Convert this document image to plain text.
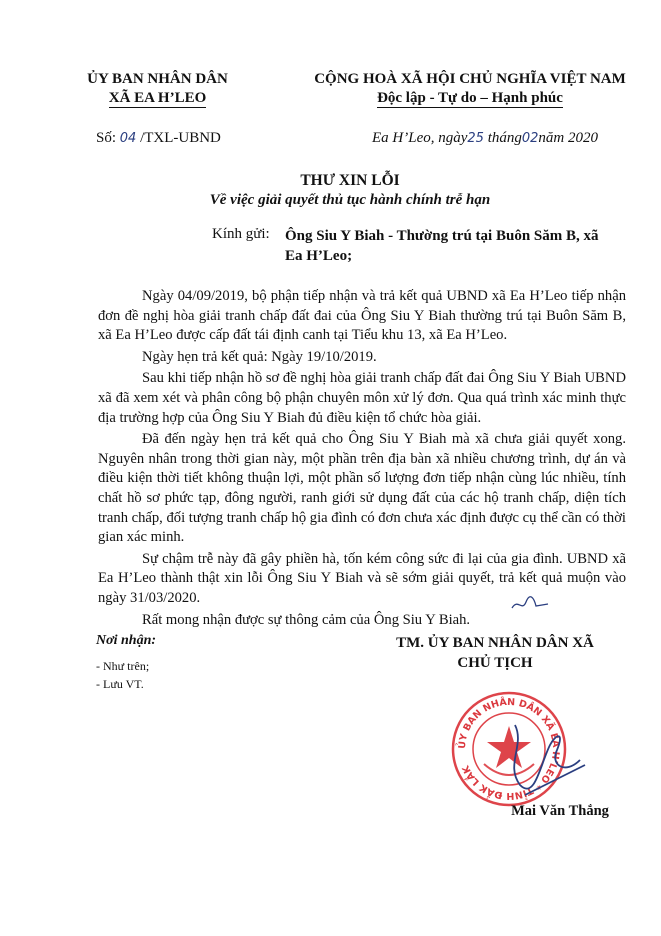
ỦY BAN NHÂN DÂN
XÃ EA H’LEO
CỘNG HOÀ XÃ HỘI CHỦ NGHĨA VIỆT NAM
Độc lập - Tự do – Hạnh phúc
Số: 04 /TXL-UBND	Ea H’Leo, ngày25 tháng02năm 2020
THƯ XIN LỖI
Về việc giải quyết thủ tục hành chính trễ hạn
Kính gửi: Ông Siu Y Biah - Thường trú tại Buôn Săm B, xã
Ea H’Leo;

Ngày 04/09/2019, bộ phận tiếp nhận và trả kết quả UBND xã Ea H’Leo tiếp nhận đơn đề nghị hòa giải tranh chấp đất đai của Ông Siu Y Biah thường trú tại Buôn Săm B, xã Ea H’Leo được cấp đất tái định canh tại Tiểu khu 13, xã Ea H’Leo.

Ngày hẹn trả kết quả: Ngày 19/10/2019.

Sau khi tiếp nhận hồ sơ đề nghị hòa giải tranh chấp đất đai Ông Siu Y Biah UBND xã đã xem xét và phân công bộ phận chuyên môn xử lý đơn. Qua quá trình xác minh thực địa trường hợp của Ông Siu Y Biah đủ điều kiện tổ chức hòa giải.

Đã đến ngày hẹn trả kết quả cho Ông Siu Y Biah mà xã chưa giải quyết xong. Nguyên nhân trong thời gian này, một phần trên địa bàn xã nhiều chương trình, dự án và điều kiện thời tiết không thuận lợi, một phần số lượng đơn tiếp nhận cùng lúc nhiều, tính chất hồ sơ phức tạp, đông người, ranh giới sử dụng đất của các hộ tranh chấp, diện tích tranh chấp, đối tượng tranh chấp hộ gia đình có đơn chưa xác định được cụ thể cần có thời gian xác minh.

Sự chậm trễ này đã gây phiền hà, tốn kém công sức đi lại của gia đình. UBND xã Ea H’Leo thành thật xin lỗi Ông Siu Y Biah và sẽ sớm giải quyết, trả kết quả muộn vào ngày 31/03/2020.

Rất mong nhận được sự thông cảm của Ông Siu Y Biah.

Nơi nhận:
- Như trên;
- Lưu VT.
TM. ỦY BAN NHÂN DÂN XÃ
CHỦ TỊCH
ỦY BAN NHÂN DÂN XÃ EA H’LEO * TỈNH ĐẮK LẮK
Mai Văn Thắng
